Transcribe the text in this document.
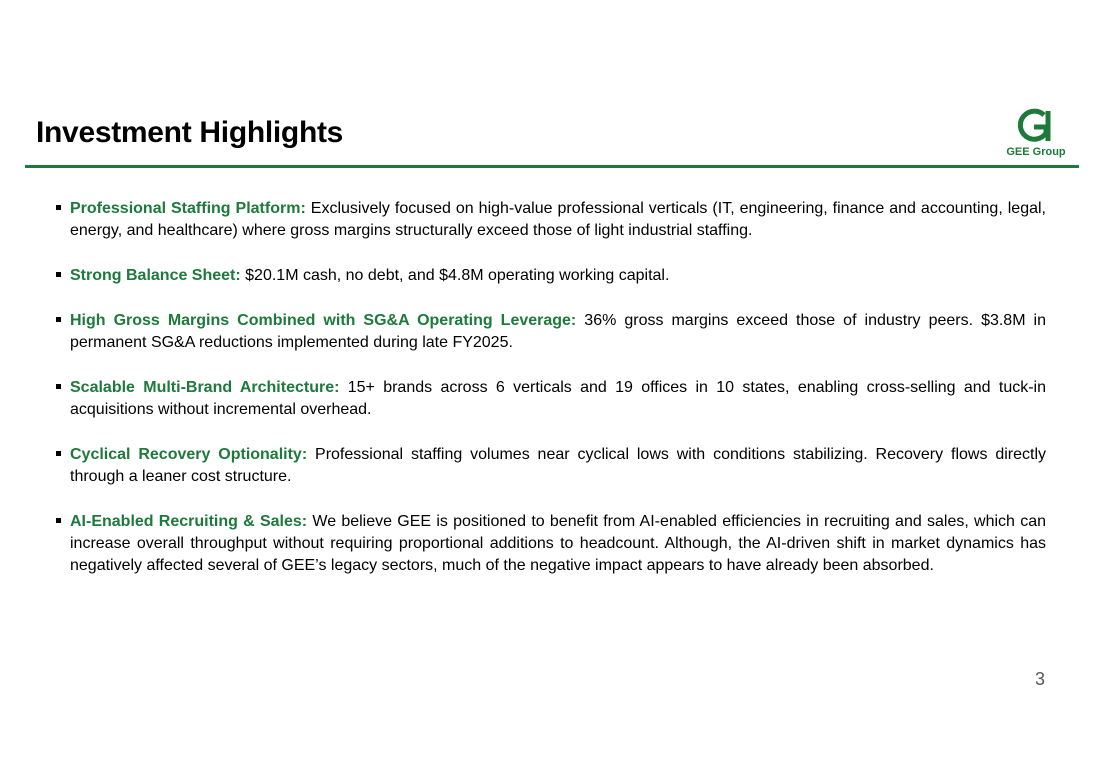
Investment Highlights
GEE Group
Professional Staffing Platform: Exclusively focused on high-value professional verticals (IT, engineering, finance and accounting, legal, energy, and healthcare) where gross margins structurally exceed those of light industrial staffing.
Strong Balance Sheet: $20.1M cash, no debt, and $4.8M operating working capital.
High Gross Margins Combined with SG&A Operating Leverage: 36% gross margins exceed those of industry peers. $3.8M in permanent SG&A reductions implemented during late FY2025.
Scalable Multi-Brand Architecture: 15+ brands across 6 verticals and 19 offices in 10 states, enabling cross-selling and tuck-in acquisitions without incremental overhead.
Cyclical Recovery Optionality: Professional staffing volumes near cyclical lows with conditions stabilizing. Recovery flows directly through a leaner cost structure.
AI-Enabled Recruiting & Sales: We believe GEE is positioned to benefit from AI-enabled efficiencies in recruiting and sales, which can increase overall throughput without requiring proportional additions to headcount. Although, the AI-driven shift in market dynamics has negatively affected several of GEE’s legacy sectors, much of the negative impact appears to have already been absorbed.
3
